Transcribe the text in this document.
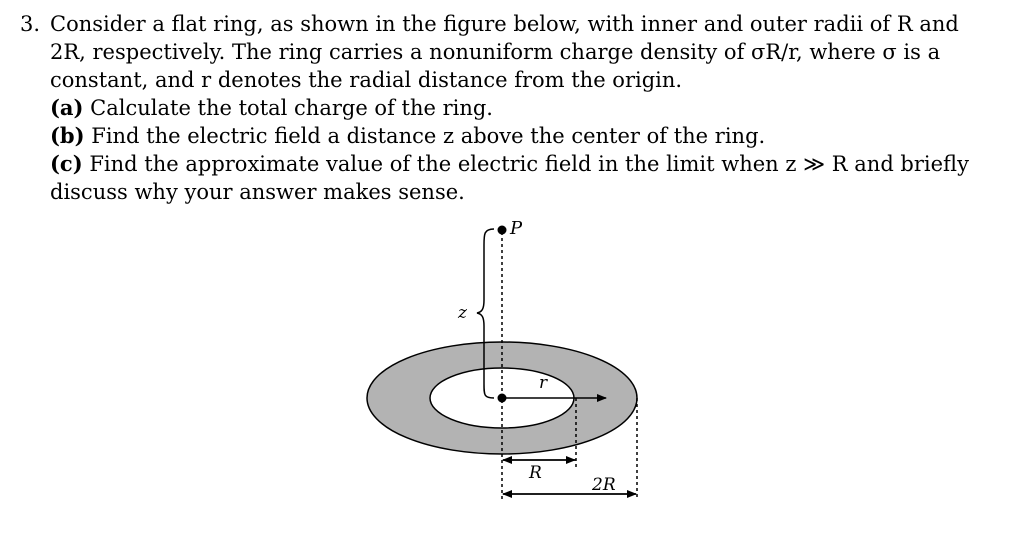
3. Consider a flat ring, as shown in the figure below, with inner and outer radii of R and 2R, respectively. The ring carries a nonuniform charge density of σR/r, where σ is a constant, and r denotes the radial distance from the origin.
(a) Calculate the total charge of the ring.
(b) Find the electric field a distance z above the center of the ring.
(c) Find the approximate value of the electric field in the limit when z ≫ R and briefly discuss why your answer makes sense.
P
z
r
R
2R
